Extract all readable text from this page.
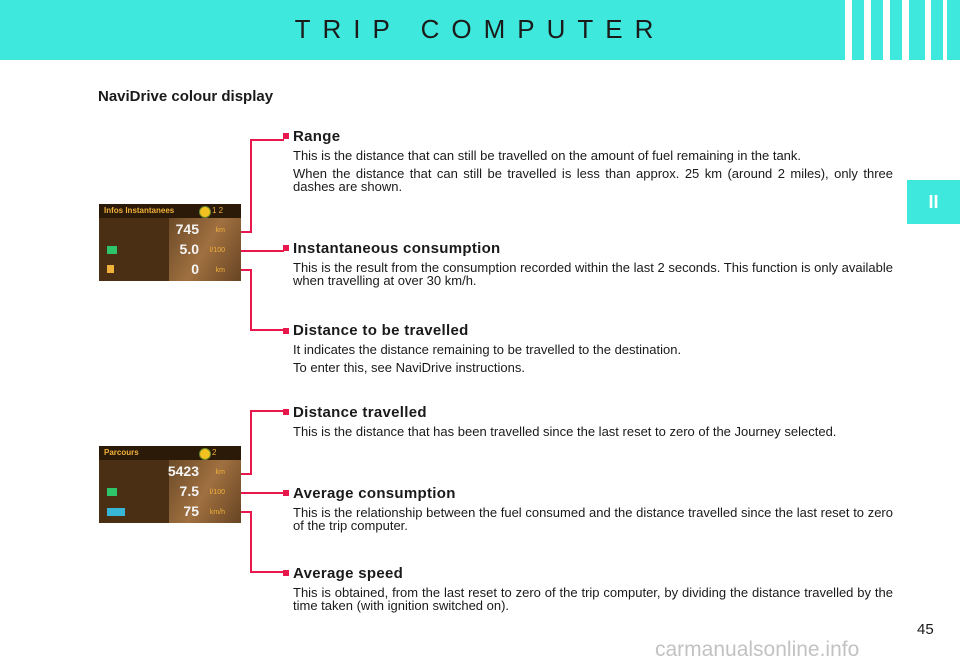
TRIP COMPUTER
II
NaviDrive colour display
Infos Instantanees	1 2
745
5.0
0
km
l/100
km
Parcours	2
5423
7.5
75
km
l/100
km/h
Range
This is the distance that can still be travelled on the amount of fuel remaining in the tank.
When the distance that can still be travelled is less than approx. 25 km (around 2 miles), only three dashes are shown.
Instantaneous consumption
This is the result from the consumption recorded within the last 2 seconds. This function is only available when travelling at over 30 km/h.
Distance to be travelled
It indicates the distance remaining to be travelled to the destination.
To enter this, see NaviDrive instructions.
Distance travelled
This is the distance that has been travelled since the last reset to zero of the Journey selected.
Average consumption
This is the relationship between the fuel consumed and the distance travelled since the last reset to zero of the trip computer.
Average speed
This is obtained, from the last reset to zero of the trip computer, by dividing the distance travelled by the time taken (with ignition switched on).
45
carmanualsonline.info
